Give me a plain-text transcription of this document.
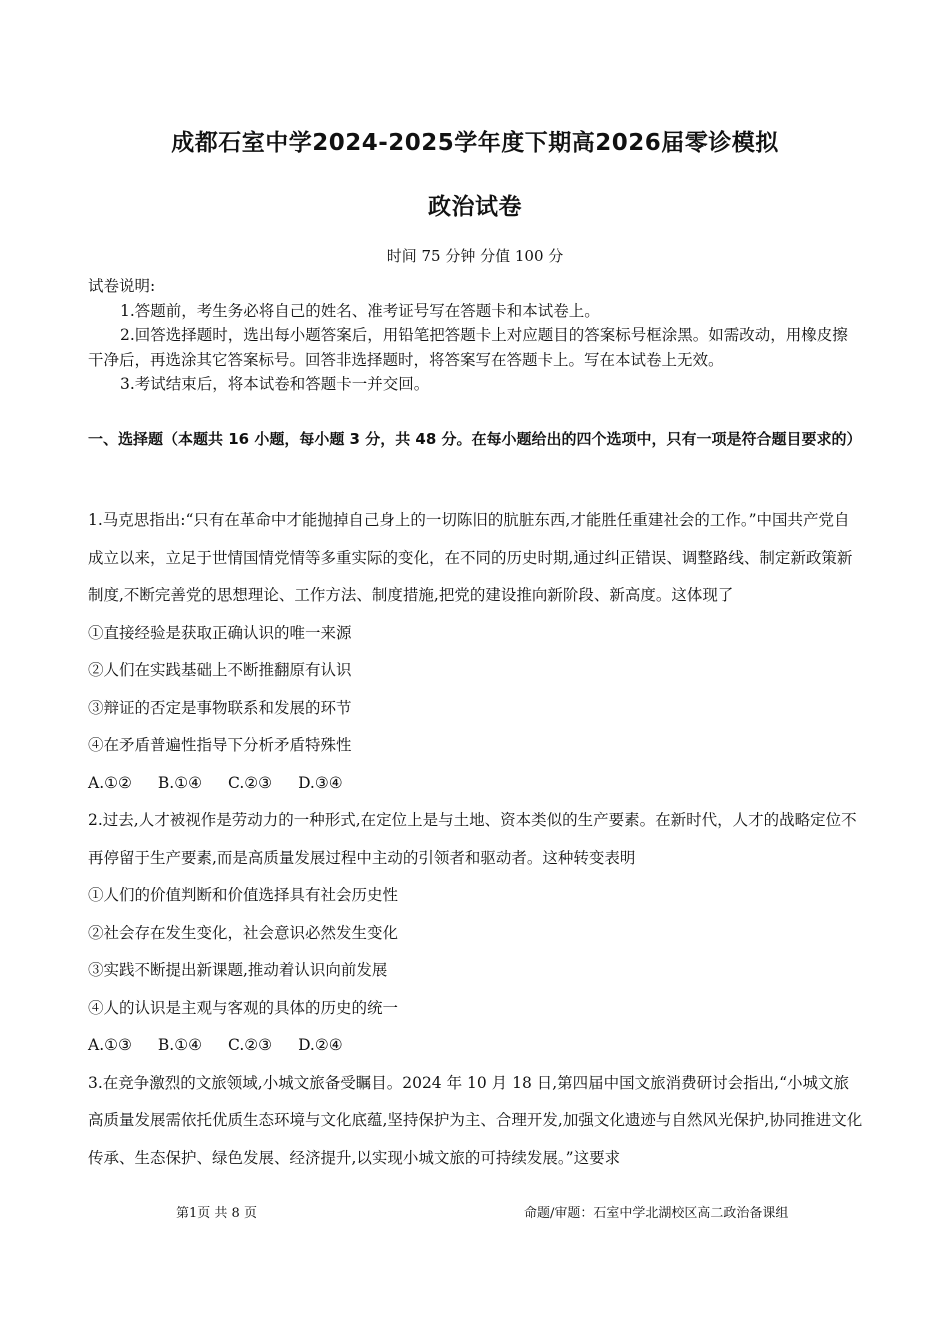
成都石室中学2024-2025学年度下期高2026届零诊模拟
政治试卷
时间 75 分钟 分值 100 分

试卷说明:

1.答题前，考生务必将自己的姓名、准考证号写在答题卡和本试卷上。

2.回答选择题时，选出每小题答案后，用铅笔把答题卡上对应题目的答案标号框涂黑。如需改动，用橡皮擦干净后，再选涂其它答案标号。回答非选择题时，将答案写在答题卡上。写在本试卷上无效。

3.考试结束后，将本试卷和答题卡一并交回。

一、选择题（本题共 16 小题，每小题 3 分，共 48 分。在每小题给出的四个选项中，只有一项是符合题目要求的）

1.马克思指出:“只有在革命中才能抛掉自己身上的一切陈旧的肮脏东西,才能胜任重建社会的工作。”中国共产党自成立以来，立足于世情国情党情等多重实际的变化，在不同的历史时期,通过纠正错误、调整路线、制定新政策新制度,不断完善党的思想理论、工作方法、制度措施,把党的建设推向新阶段、新高度。这体现了

①直接经验是获取正确认识的唯一来源

②人们在实践基础上不断推翻原有认识

③辩证的否定是事物联系和发展的环节

④在矛盾普遍性指导下分析矛盾特殊性

A.①② B.①④ C.②③ D.③④

2.过去,人才被视作是劳动力的一种形式,在定位上是与土地、资本类似的生产要素。在新时代，人才的战略定位不再停留于生产要素,而是高质量发展过程中主动的引领者和驱动者。这种转变表明

①人们的价值判断和价值选择具有社会历史性

②社会存在发生变化，社会意识必然发生变化

③实践不断提出新课题,推动着认识向前发展

④人的认识是主观与客观的具体的历史的统一

A.①③ B.①④ C.②③ D.②④

3.在竞争激烈的文旅领域,小城文旅备受瞩目。2024 年 10 月 18 日,第四届中国文旅消费研讨会指出,“小城文旅高质量发展需依托优质生态环境与文化底蕴,坚持保护为主、合理开发,加强文化遗迹与自然风光保护,协同推进文化传承、生态保护、绿色发展、经济提升,以实现小城文旅的可持续发展。”这要求

第1页 共 8 页	命题/审题：石室中学北湖校区高二政治备课组
